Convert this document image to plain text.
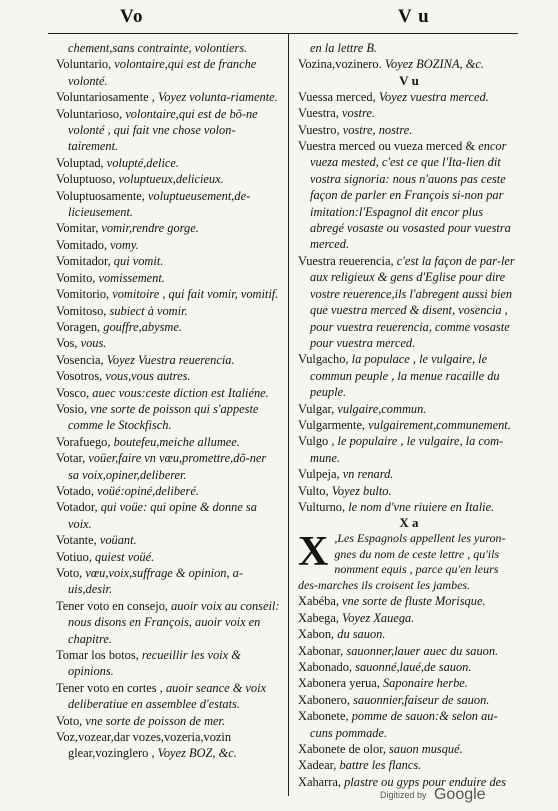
Vo	V u
chement,sans contrainte, volontiers.
Voluntario, volontaire,qui est de franche volonté.
Voluntariosamente , Voyez volunta-riamente.
Voluntarioso, volontaire,qui est de bõ-ne volonté , qui fait vne chose volon-tairement.
Voluptad, volupté,delice.
Voluptuoso, voluptueux,delicieux.
Voluptuosamente, voluptueusement,de-licieusement.
Vomitar, vomir,rendre gorge.
Vomitado, vomy.
Vomitador, qui vomit.
Vomito, vomissement.
Vomitorio, vomitoire , qui fait vomir, vomitif.
Vomitoso, subiect à vomir.
Voragen, gouffre,abysme.
Vos, vous.
Vosencia, Voyez Vuestra reuerencia.
Vosotros, vous,vous autres.
Vosco, auec vous:ceste diction est Italiéne.
Vosio, vne sorte de poisson qui s'appeste comme le Stockfisch.
Vorafuego, boutefeu,meiche allumee.
Votar, voüer,faire vn vœu,promettre,dõ-ner sa voix,opiner,deliberer.
Votado, voüé:opiné,deliberé.
Votador, qui voüe: qui opine & donne sa voix.
Votante, voüant.
Votiuo, quiest voüé.
Voto, vœu,voix,suffrage & opinion, a-uis,desir.
Tener voto en consejo, auoir voix au conseil: nous disons en François, auoir voix en chapitre.
Tomar los botos, recueillir les voix & opinions.
Tener voto en cortes , auoir seance & voix deliberatiue en assemblee d'estats.
Voto, vne sorte de poisson de mer.
Voz,vozear,dar vozes,vozeria,vozin glear,vozinglero , Voyez BOZ, &c.
en la lettre B.
Vozina,vozinero. Voyez BOZINA, &c.
V u
Vuessa merced, Voyez vuestra merced.
Vuestra, vostre.
Vuestro, vostre, nostre.
Vuestra merced ou vueza merced & encor vueza mested, c'est ce que l'Ita-lien dit vostra signoria: nous n'auons pas ceste façon de parler en François si-non par imitation:l'Espagnol dit encor plus abregé vosaste ou vosasted pour vuestra merced.
Vuestra reuerencia, c'est la façon de par-ler aux religieux & gens d'Eglise pour dire vostre reuerence,ils l'abregent aussi bien que vuestra merced & disent, vosencia , pour vuestra reuerencia, comme vosaste pour vuestra merced.
Vulgacho, la populace , le vulgaire, le commun peuple , la menue racaille du peuple.
Vulgar, vulgaire,commun.
Vulgarmente, vulgairement,communement.
Vulgo , le populaire , le vulgaire, la com-mune.
Vulpeja, vn renard.
Vulto, Voyez bulto.
Vulturno, le nom d'vne riuiere en Italie.
X a
X ,Les Espagnols appellent les yuron-gnes du nom de ceste lettre , qu'ils nomment equis , parce qu'en leurs des-marches ils croisent les jambes.
Xabéba, vne sorte de fluste Morisque.
Xabega, Voyez Xauega.
Xabon, du sauon.
Xabonar, sauonner,lauer auec du sauon.
Xabonado, sauonné,laué,de sauon.
Xabonera yerua, Saponaire herbe.
Xabonero, sauonnier,faiseur de sauon.
Xabonete, pomme de sauon:& selon au-cuns pommade.
Xabonete de olor, sauon musqué.
Xadear, battre les flancs.
Xaharra, plastre ou gyps pour enduire des
Digitized by Google
